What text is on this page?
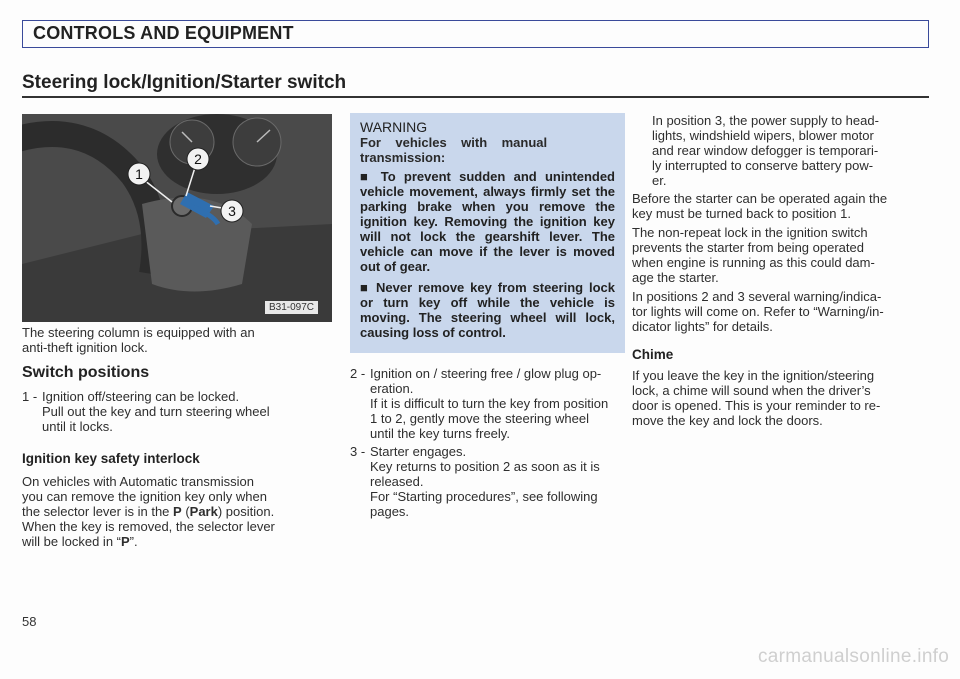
CONTROLS AND EQUIPMENT
Steering lock/Ignition/Starter switch
1
2
3
B31-097C
The steering column is equipped with an
anti-theft ignition lock.
Switch positions
1 - Ignition off/steering can be locked.
Pull out the key and turn steering wheel
until it locks.
Ignition key safety interlock
On vehicles with Automatic transmission
you can remove the ignition key only when
the selector lever is in the P (Park) position.
When the key is removed, the selector lever
will be locked in “P”.
58
WARNING
For    vehicles    with    manual
transmission:

■ To prevent sudden and unintended vehicle movement, always firmly set the parking brake when you remove the ignition key. Removing the ignition key will not lock the gearshift lever. The vehicle can move if the lever is moved out of gear.

■ Never remove key from steering lock or turn key off while the vehicle is moving. The steering wheel will lock, causing loss of control.

2 - Ignition on / steering free / glow plug op-
eration.
If it is difficult to turn the key from position
1 to 2, gently move the steering wheel
until the key turns freely.
3 - Starter engages.
Key returns to position 2 as soon as it is
released.
For “Starting procedures”, see following
pages.
In position 3, the power supply to head-
lights, windshield wipers, blower motor
and rear window defogger is temporari-
ly interrupted to conserve battery pow-
er.
Before the starter can be operated again the
key must be turned back to position 1.
The non-repeat lock in the ignition switch
prevents the starter from being operated
when engine is running as this could dam-
age the starter.
In positions 2 and 3 several warning/indica-
tor lights will come on. Refer to “Warning/in-
dicator lights” for details.
Chime
If you leave the key in the ignition/steering
lock, a chime will sound when the driver’s
door is opened. This is your reminder to re-
move the key and lock the doors.
carmanualsonline.info
